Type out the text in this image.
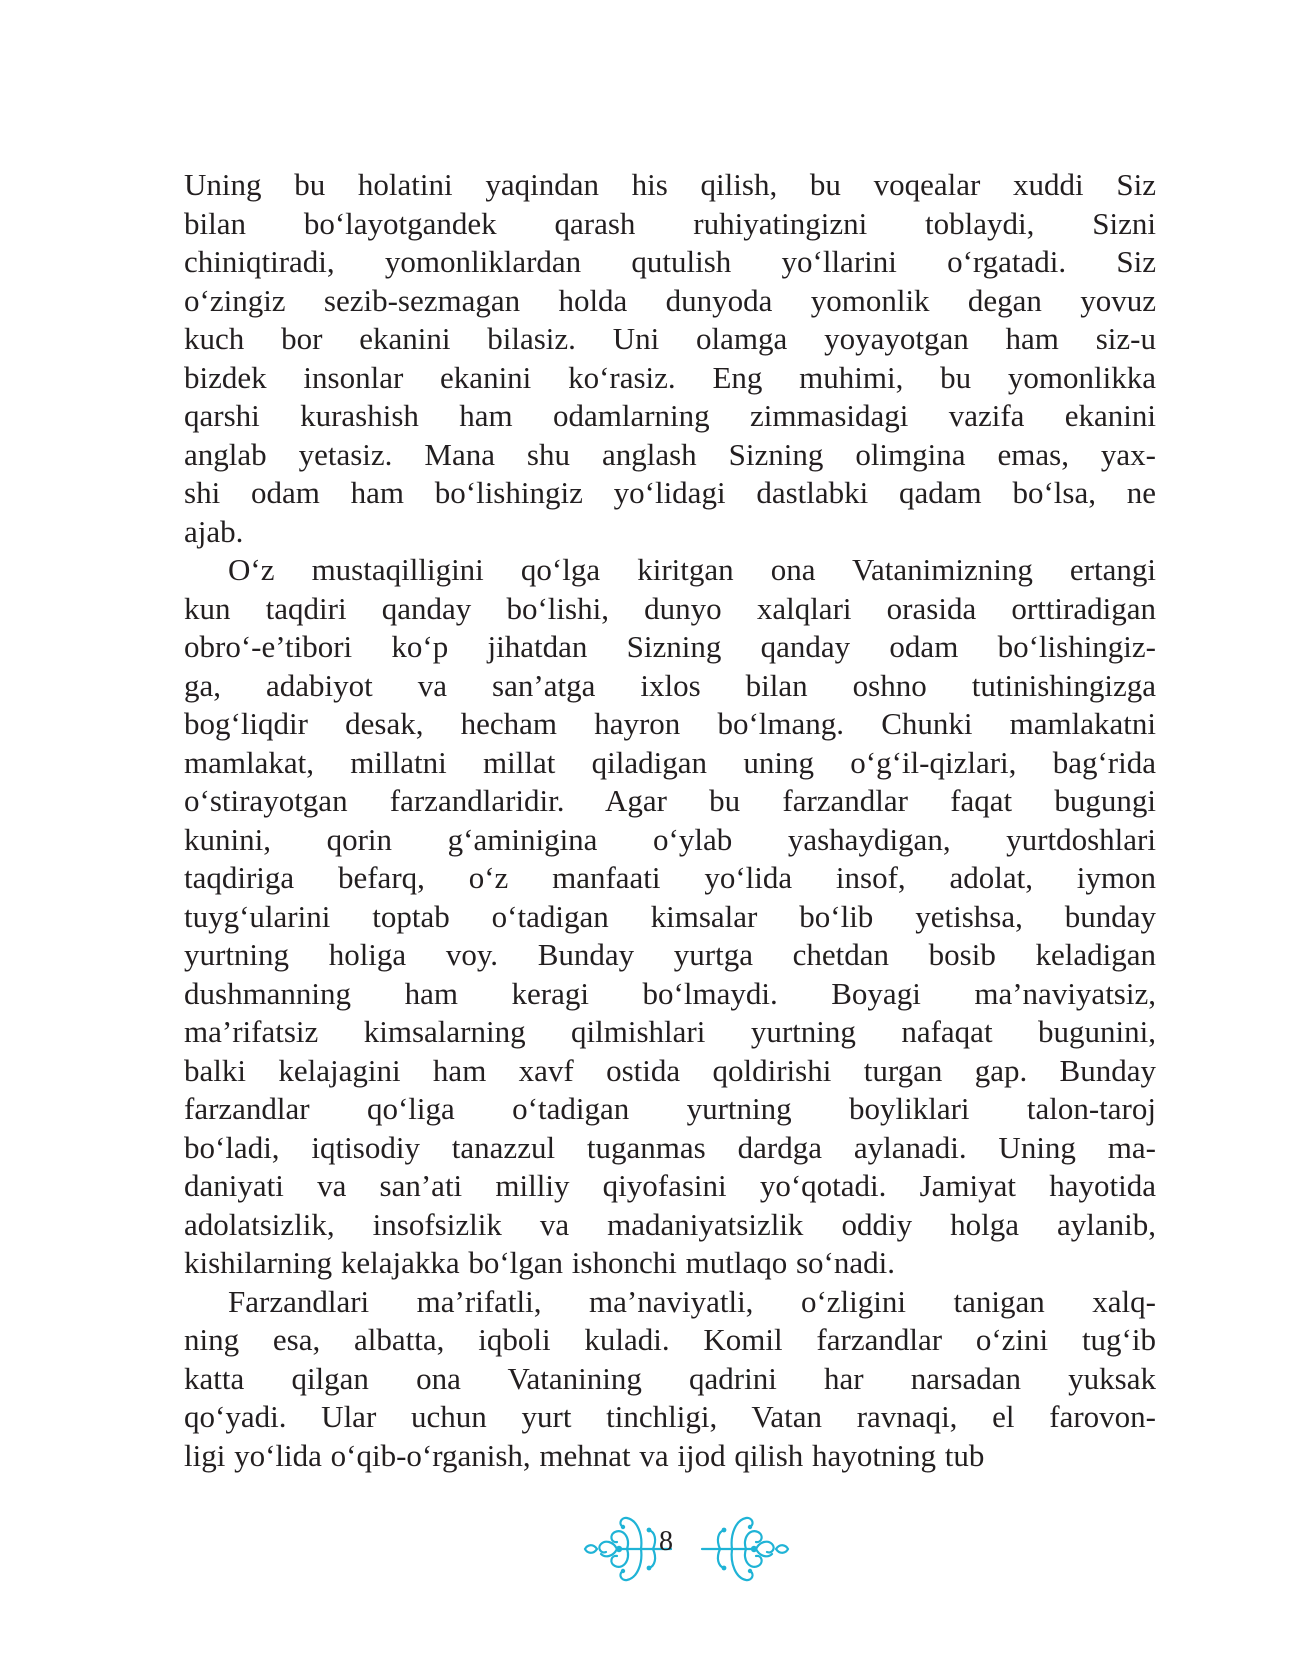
Uning bu holatini yaqindan his qilish, bu voqealar xuddi Siz
bilan bo‘layotgandek qarash ruhiyatingizni toblaydi, Sizni
chiniqtiradi, yomonliklardan qutulish yo‘llarini o‘rgatadi. Siz
o‘zingiz sezib-sezmagan holda dunyoda yomonlik degan yovuz
kuch bor ekanini bilasiz. Uni olamga yoyayotgan ham siz-u
bizdek insonlar ekanini ko‘rasiz. Eng muhimi, bu yomonlikka
qarshi kurashish ham odamlarning zimmasidagi vazifa ekanini
anglab yetasiz. Mana shu anglash Sizning olimgina emas, yax-
shi odam ham bo‘lishingiz yo‘lidagi dastlabki qadam bo‘lsa, ne
ajab.
O‘z mustaqilligini qo‘lga kiritgan ona Vatanimizning ertangi
kun taqdiri qanday bo‘lishi, dunyo xalqlari orasida orttiradigan
obro‘-e’tibori ko‘p jihatdan Sizning qanday odam bo‘lishingiz-
ga, adabiyot va san’atga ixlos bilan oshno tutinishingizga
bog‘liqdir desak, hecham hayron bo‘lmang. Chunki mamlakatni
mamlakat, millatni millat qiladigan uning o‘g‘il-qizlari, bag‘rida
o‘stirayotgan farzandlaridir. Agar bu farzandlar faqat bugungi
kunini, qorin g‘aminigina o‘ylab yashaydigan, yurtdoshlari
taqdiriga befarq, o‘z manfaati yo‘lida insof, adolat, iymon
tuyg‘ularini toptab o‘tadigan kimsalar bo‘lib yetishsa, bunday
yurtning holiga voy. Bunday yurtga chetdan bosib keladigan
dushmanning ham keragi bo‘lmaydi. Boyagi ma’naviyatsiz,
ma’rifatsiz kimsalarning qilmishlari yurtning nafaqat bugunini,
balki kelajagini ham xavf ostida qoldirishi turgan gap. Bunday
farzandlar qo‘liga o‘tadigan yurtning boyliklari talon-taroj
bo‘ladi, iqtisodiy tanazzul tuganmas dardga aylanadi. Uning ma-
daniyati va san’ati milliy qiyofasini yo‘qotadi. Jamiyat hayotida
adolatsizlik, insofsizlik va madaniyatsizlik oddiy holga aylanib,
kishilarning kelajakka bo‘lgan ishonchi mutlaqo so‘nadi.
Farzandlari ma’rifatli, ma’naviyatli, o‘zligini tanigan xalq-
ning esa, albatta, iqboli kuladi. Komil farzandlar o‘zini tug‘ib
katta qilgan ona Vatanining qadrini har narsadan yuksak
qo‘yadi. Ular uchun yurt tinchligi, Vatan ravnaqi, el farovon-
ligi yo‘lida o‘qib-o‘rganish, mehnat va ijod qilish hayotning tub
8
